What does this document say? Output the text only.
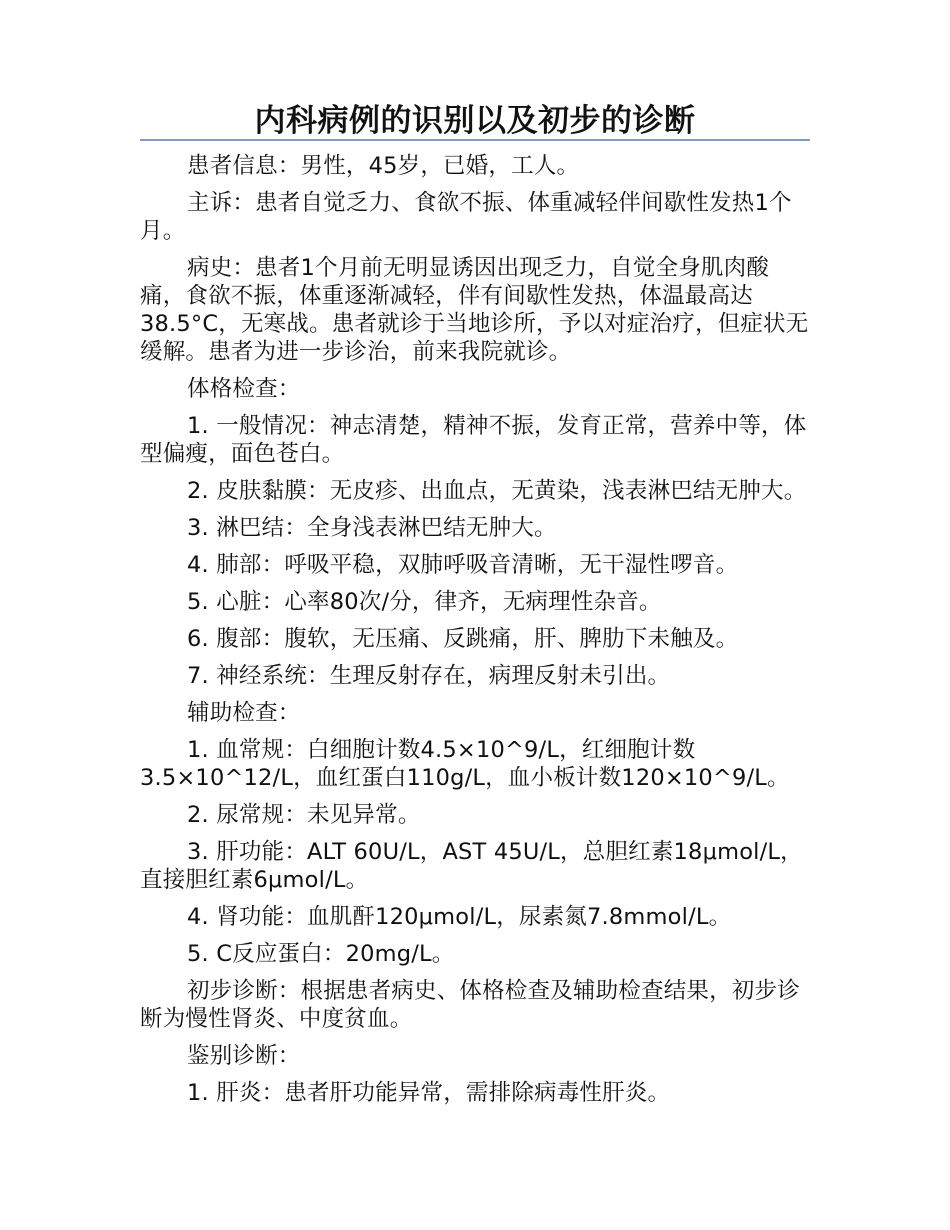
内科病例的识别以及初步的诊断

患者信息：男性，45岁，已婚，工人。

主诉：患者自觉乏力、食欲不振、体重减轻伴间歇性发热1个月。

病史：患者1个月前无明显诱因出现乏力，自觉全身肌肉酸痛，食欲不振，体重逐渐减轻，伴有间歇性发热，体温最高达38.5°C，无寒战。患者就诊于当地诊所，予以对症治疗，但症状无缓解。患者为进一步诊治，前来我院就诊。

体格检查：

1. 一般情况：神志清楚，精神不振，发育正常，营养中等，体型偏瘦，面色苍白。

2. 皮肤黏膜：无皮疹、出血点，无黄染，浅表淋巴结无肿大。

3. 淋巴结：全身浅表淋巴结无肿大。

4. 肺部：呼吸平稳，双肺呼吸音清晰，无干湿性啰音。

5. 心脏：心率80次/分，律齐，无病理性杂音。

6. 腹部：腹软，无压痛、反跳痛，肝、脾肋下未触及。

7. 神经系统：生理反射存在，病理反射未引出。

辅助检查：

1. 血常规：白细胞计数4.5×10^9/L，红细胞计数3.5×10^12/L，血红蛋白110g/L，血小板计数120×10^9/L。

2. 尿常规：未见异常。

3. 肝功能：ALT 60U/L，AST 45U/L，总胆红素18μmol/L，直接胆红素6μmol/L。

4. 肾功能：血肌酐120μmol/L，尿素氮7.8mmol/L。

5. C反应蛋白：20mg/L。

初步诊断：根据患者病史、体格检查及辅助检查结果，初步诊断为慢性肾炎、中度贫血。

鉴别诊断：

1. 肝炎：患者肝功能异常，需排除病毒性肝炎。
